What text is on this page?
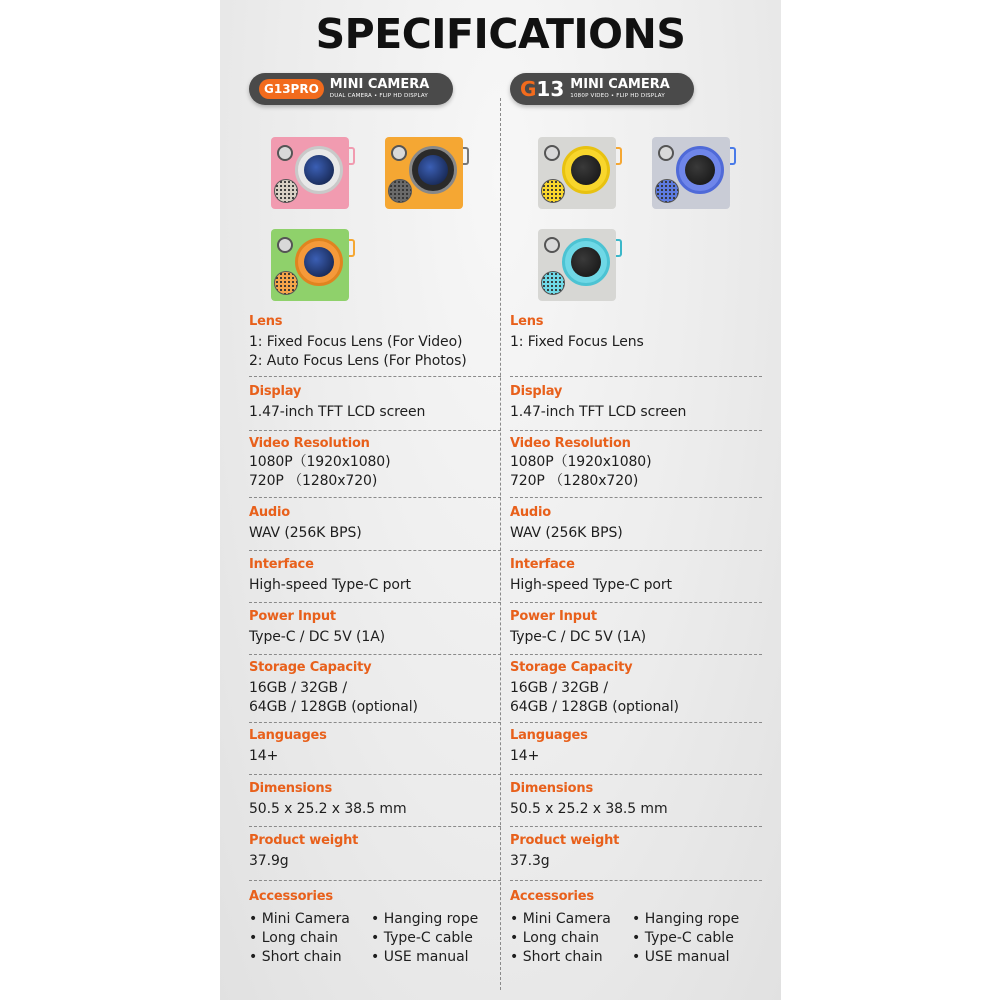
SPECIFICATIONS
G13PRO MINI CAMERA
DUAL CAMERA • FLIP HD DISPLAY
Lens
1: Fixed Focus Lens (For Video)
2: Auto Focus Lens (For Photos)
Display
1.47-inch TFT LCD screen
Video Resolution
1080P（1920x1080)
720P （1280x720)
Audio
WAV (256K BPS)
Interface
High-speed Type-C port
Power Input
Type-C / DC 5V (1A)
Storage Capacity
16GB / 32GB /
64GB / 128GB (optional)
Languages
14+
Dimensions
50.5 x 25.2 x 38.5 mm
Product weight
37.9g
Accessories
• Mini Camera	• Hanging rope
• Long chain	• Type-C cable
• Short chain	• USE manual
G13 MINI CAMERA
1080P VIDEO • FLIP HD DISPLAY
Lens
1: Fixed Focus Lens
Display
1.47-inch TFT LCD screen
Video Resolution
1080P（1920x1080)
720P （1280x720)
Audio
WAV (256K BPS)
Interface
High-speed Type-C port
Power Input
Type-C / DC 5V (1A)
Storage Capacity
16GB / 32GB /
64GB / 128GB (optional)
Languages
14+
Dimensions
50.5 x 25.2 x 38.5 mm
Product weight
37.3g
Accessories
• Mini Camera	• Hanging rope
• Long chain	• Type-C cable
• Short chain	• USE manual
